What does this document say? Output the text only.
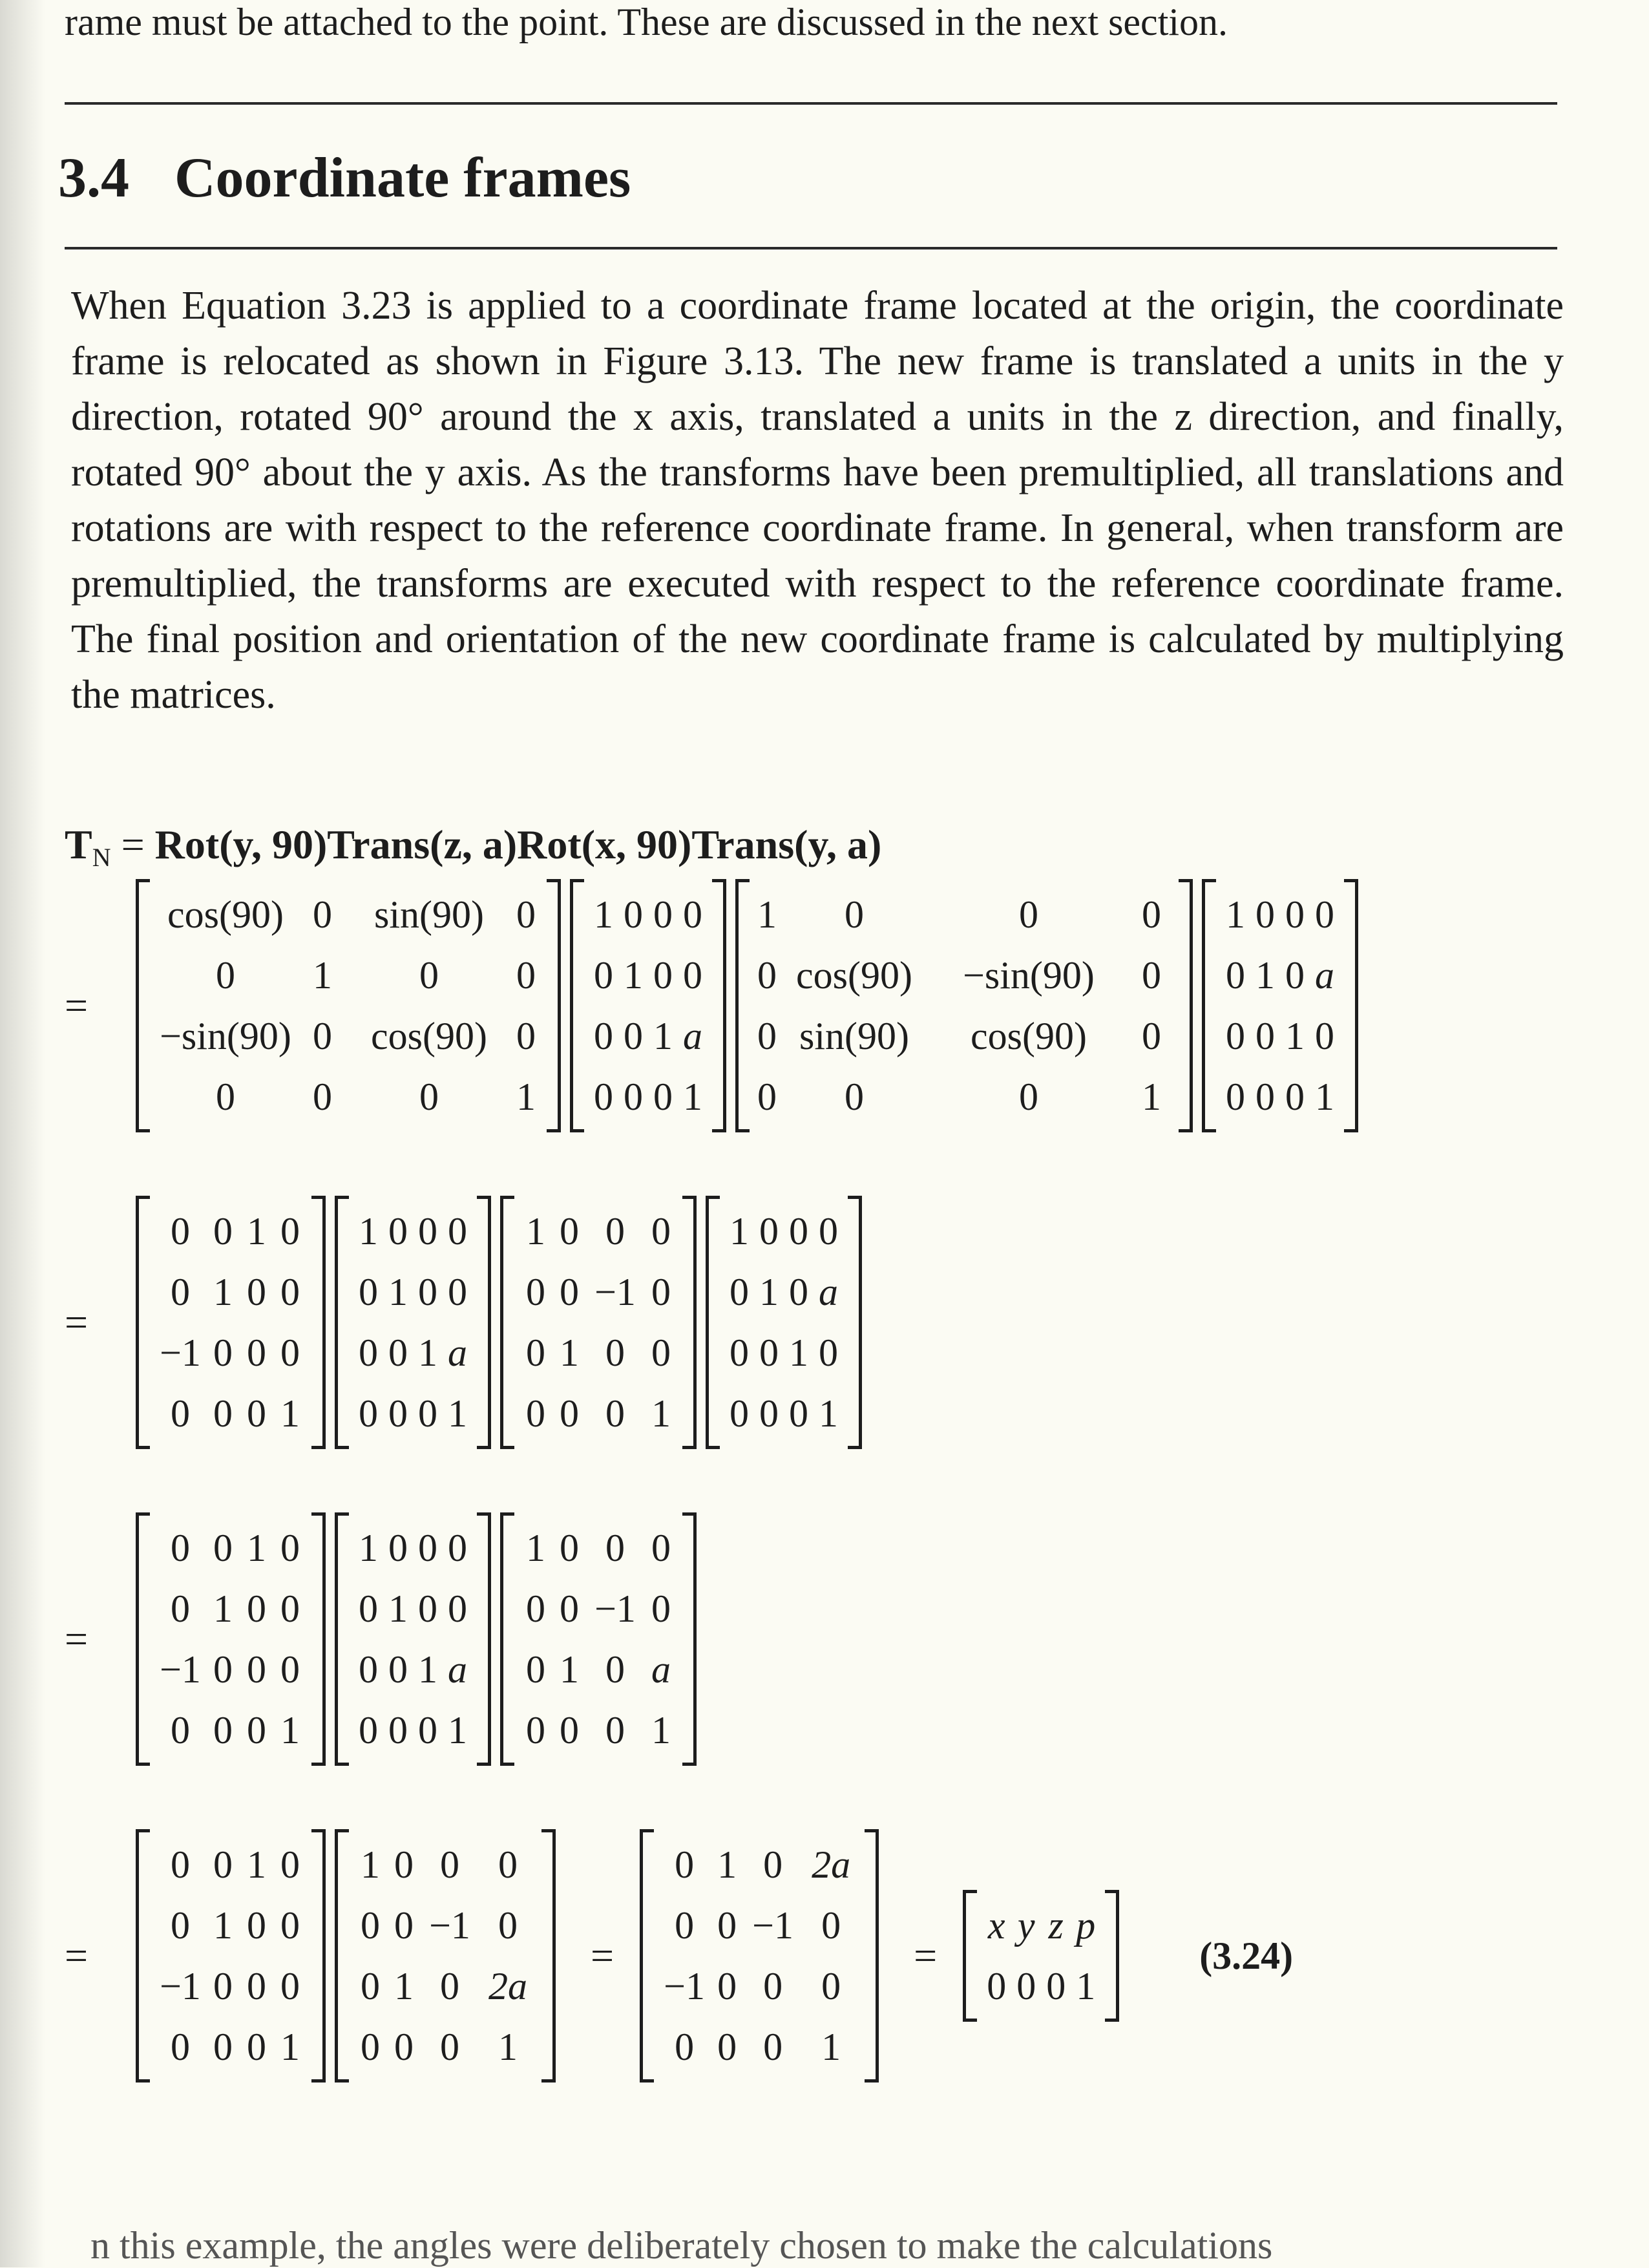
rame must be attached to the point. These are discussed in the next section.
3.4 Coordinate frames
When Equation 3.23 is applied to a coordinate frame located at the origin, the coordinate frame is relocated as shown in Figure 3.13. The new frame is translated a units in the y direction, rotated 90° around the x axis, translated a units in the z direction, and finally, rotated 90° about the y axis. As the transforms have been premultiplied, all translations and rotations are with respect to the reference coordinate frame. In general, when transform are premultiplied, the transforms are executed with respect to the reference coordinate frame. The final position and orientation of the new coordinate frame is calculated by multiplying the matrices.
$T_N = Rot(y$, 90)Trans(z, a)Rot(x, 90)Trans(y, a)
=
cos(90) 0	sin(90) 0
0	1	0	0
−sin(90) 0	cos(90) 0
0	0	0	1
1 0 0 0
0 1 0 0
0 0 1 a
0 0 0 1
1	0	0	0
0 cos(90)	−sin(90)	0
0 sin(90)	cos(90)	0
0	0	0	1
1 0 0 0
0 1 0 a
0 0 1 0
0 0 0 1
=
0 0 1 0
0 1 0 0
−1 0 0 0
0 0 0 1
1 0 0 0
0 1 0 0
0 0 1 a
0 0 0 1
1 0 0 0
0 0 −1 0
0 1 0 0
0 0 0 1
1 0 0 0
0 1 0 a
0 0 1 0
0 0 0 1
=
0 0 1 0
0 1 0 0
−1 0 0 0
0 0 0 1
1 0 0 0
0 1 0 0
0 0 1 a
0 0 0 1
1 0 0 0
0 0 −1 0
0 1 0 a
0 0 0 1
=
0 0 1 0
0 1 0 0
−1 0 0 0
0 0 0 1
1 0 0	0
0 0 −1 0
0 1 0 2a
0 0 0	1
=
0 1 0 2a
0 0 −1 0
−1 0 0	0
0 0 0	1
=
x y z p
0 0 0 1
(3.24)
n this example, the angles were deliberately chosen to make the calculations
